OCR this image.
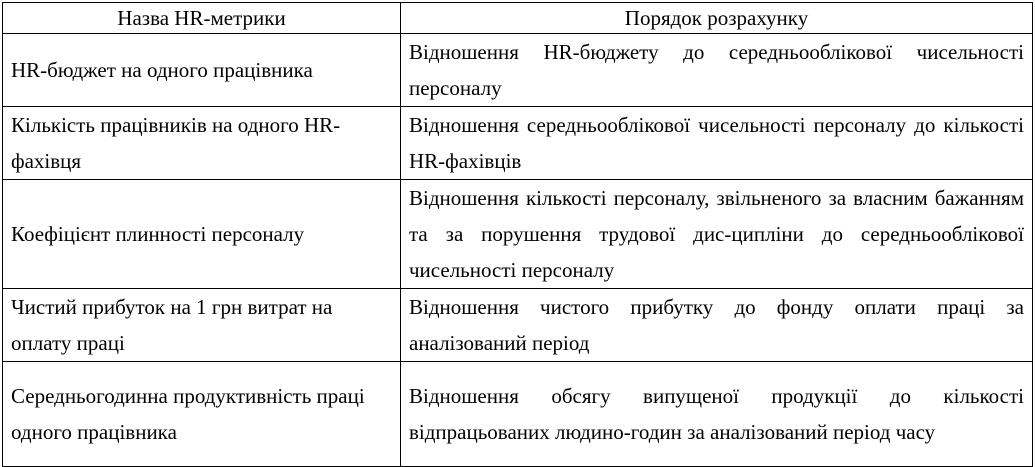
Назва HR-метрики	Порядок розрахунку
HR-бюджет на одного працівника	Відношення HR-бюджету до середньооблікової чисельності персоналу
Кількість працівників на одного HR-фахівця	Відношення середньооблікової чисельності персоналу до кількості HR-фахівців
Коефіцієнт плинності персоналу	Відношення кількості персоналу, звільненого за власним бажанням та за порушення трудової дис-ципліни до середньооблікової чисельності персоналу
Чистий прибуток на 1 грн витрат на оплату праці	Відношення чистого прибутку до фонду оплати праці за аналізований період
Середньогодинна продуктивність праці одного працівника	Відношення обсягу випущеної продукції до кількості відпрацьованих людино-годин за аналізований період часу
